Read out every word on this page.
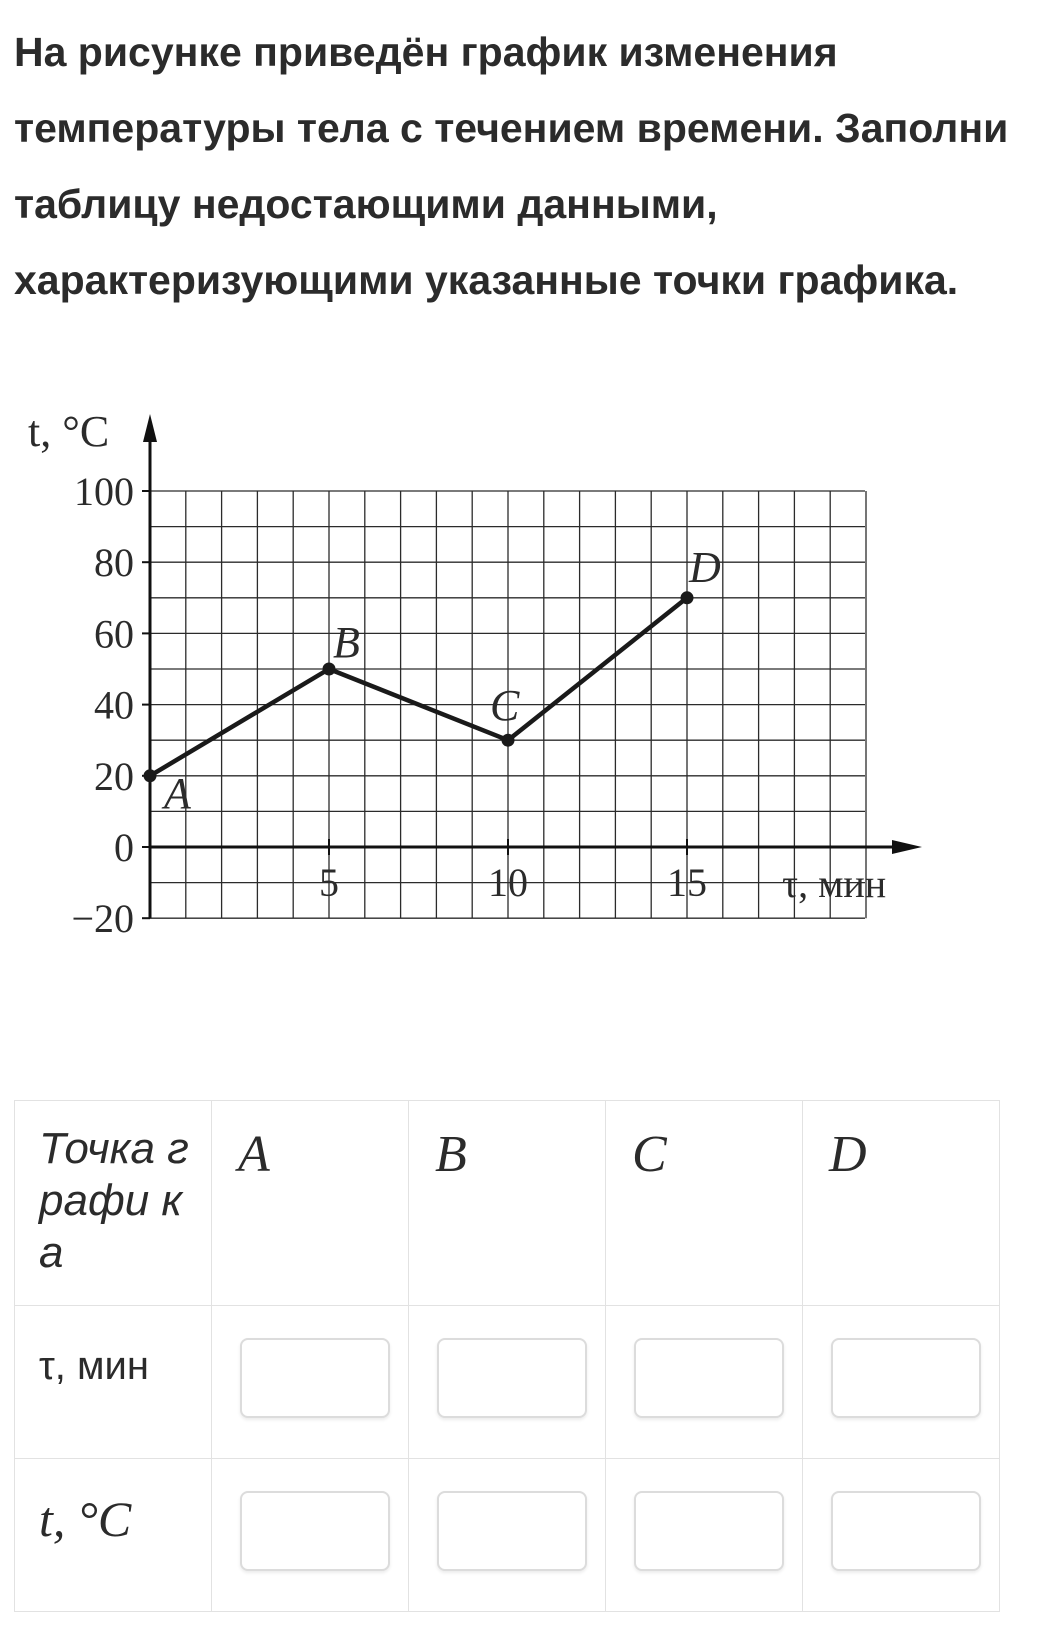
На рисунке приведён график изменения температуры тела с течением времени. Заполни таблицу недостающими данными, характеризующими указанные точки графика.

100
80
60
40
20
0
−20
5	10	15
t, °C
τ, мин
A
B
C
D
Точка графи ка	A	B	C	D

τ, мин

t, °C
